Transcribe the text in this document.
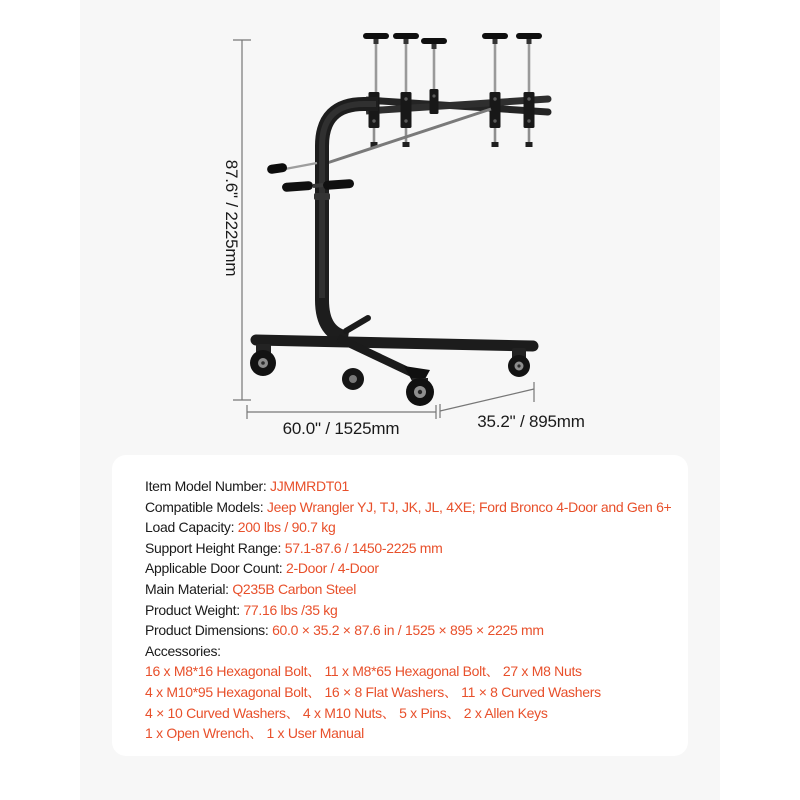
87.6" / 2225mm
60.0" / 1525mm	35.2" / 895mm

Item Model Number: JJMMRDT01

Compatible Models: Jeep Wrangler YJ, TJ, JK, JL, 4XE; Ford Bronco 4-Door and Gen 6+

Load Capacity: 200 lbs / 90.7 kg

Support Height Range: 57.1-87.6 / 1450-2225 mm

Applicable Door Count: 2-Door / 4-Door

Main Material: Q235B Carbon Steel

Product Weight: 77.16 lbs /35 kg

Product Dimensions: 60.0 × 35.2 × 87.6 in / 1525 × 895 × 2225 mm

Accessories:

16 x M8*16 Hexagonal Bolt、 11 x M8*65 Hexagonal Bolt、 27 x M8 Nuts

4 x M10*95 Hexagonal Bolt、 16 × 8 Flat Washers、 11 × 8 Curved Washers

4 × 10 Curved Washers、 4 x M10 Nuts、 5 x Pins、 2 x Allen Keys

1 x Open Wrench、 1 x User Manual
